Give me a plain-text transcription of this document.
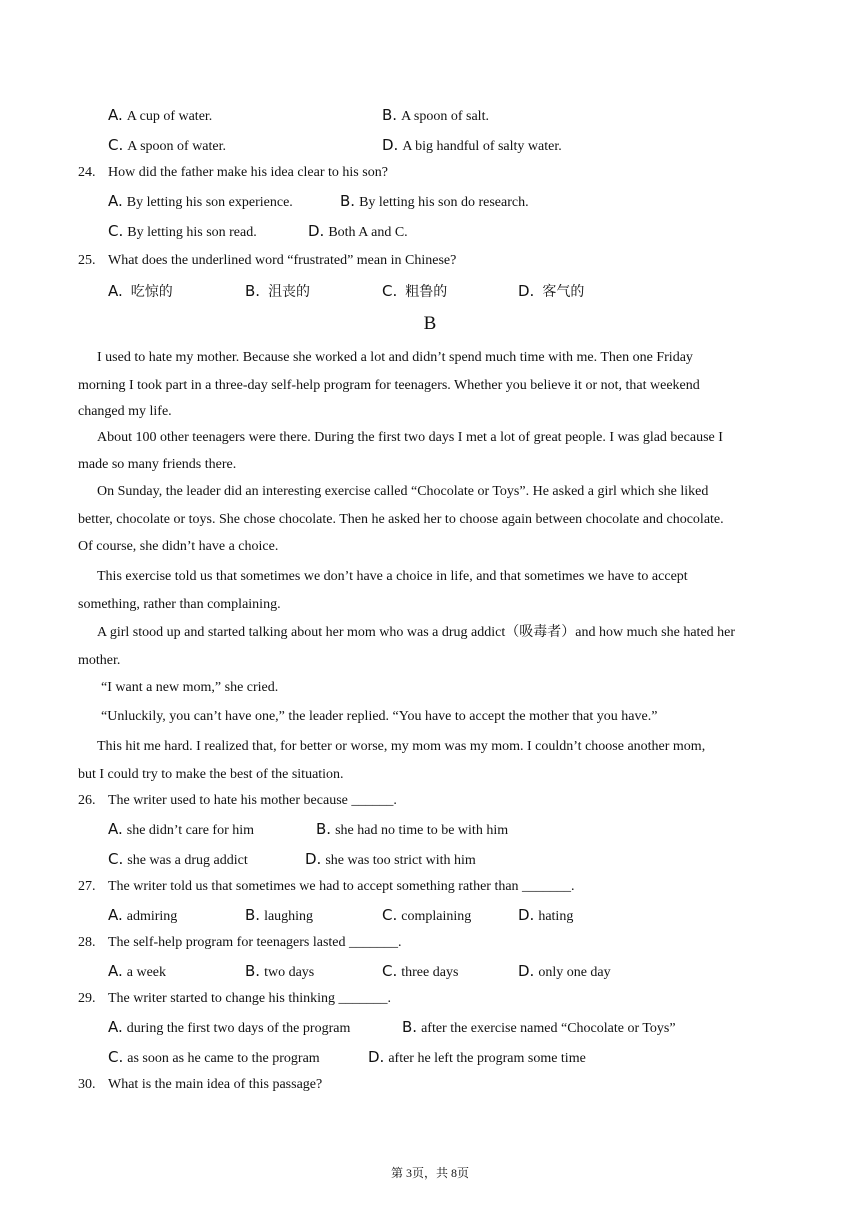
A. A cup of water.	B. A spoon of salt.
C. A spoon of water.	D. A big handful of salty water.
24. How did the father make his idea clear to his son?
A. By letting his son experience.	B. By letting his son do research.
C. By letting his son read.	D. Both A and C.
25. What does the underlined word “frustrated” mean in Chinese?
A. 吃惊的	B. 沮丧的	C. 粗鲁的	D. 客气的
B
I used to hate my mother. Because she worked a lot and didn’t spend much time with me. Then one Friday
morning I took part in a three-day self-help program for teenagers. Whether you believe it or not, that weekend
changed my life.
About 100 other teenagers were there. During the first two days I met a lot of great people. I was glad because I
made so many friends there.
On Sunday, the leader did an interesting exercise called “Chocolate or Toys”. He asked a girl which she liked
better, chocolate or toys. She chose chocolate. Then he asked her to choose again between chocolate and chocolate.
Of course, she didn’t have a choice.
This exercise told us that sometimes we don’t have a choice in life, and that sometimes we have to accept
something, rather than complaining.
A girl stood up and started talking about her mom who was a drug addict（吸毒者）and how much she hated her
mother.
“I want a new mom,” she cried.
“Unluckily, you can’t have one,” the leader replied. “You have to accept the mother that you have.”
This hit me hard. I realized that, for better or worse, my mom was my mom. I couldn’t choose another mom,
but I could try to make the best of the situation.
26. The writer used to hate his mother because ______.
A. she didn’t care for him	B. she had no time to be with him
C. she was a drug addict	D. she was too strict with him
27. The writer told us that sometimes we had to accept something rather than _______.
A. admiring	B. laughing	C. complaining	D. hating
28. The self-help program for teenagers lasted _______.
A. a week	B. two days	C. three days	D. only one day
29. The writer started to change his thinking _______.
A. during the first two days of the program	B. after the exercise named “Chocolate or Toys”
C. as soon as he came to the program	D. after he left the program some time
30. What is the main idea of this passage?
第 3页，共 8页
